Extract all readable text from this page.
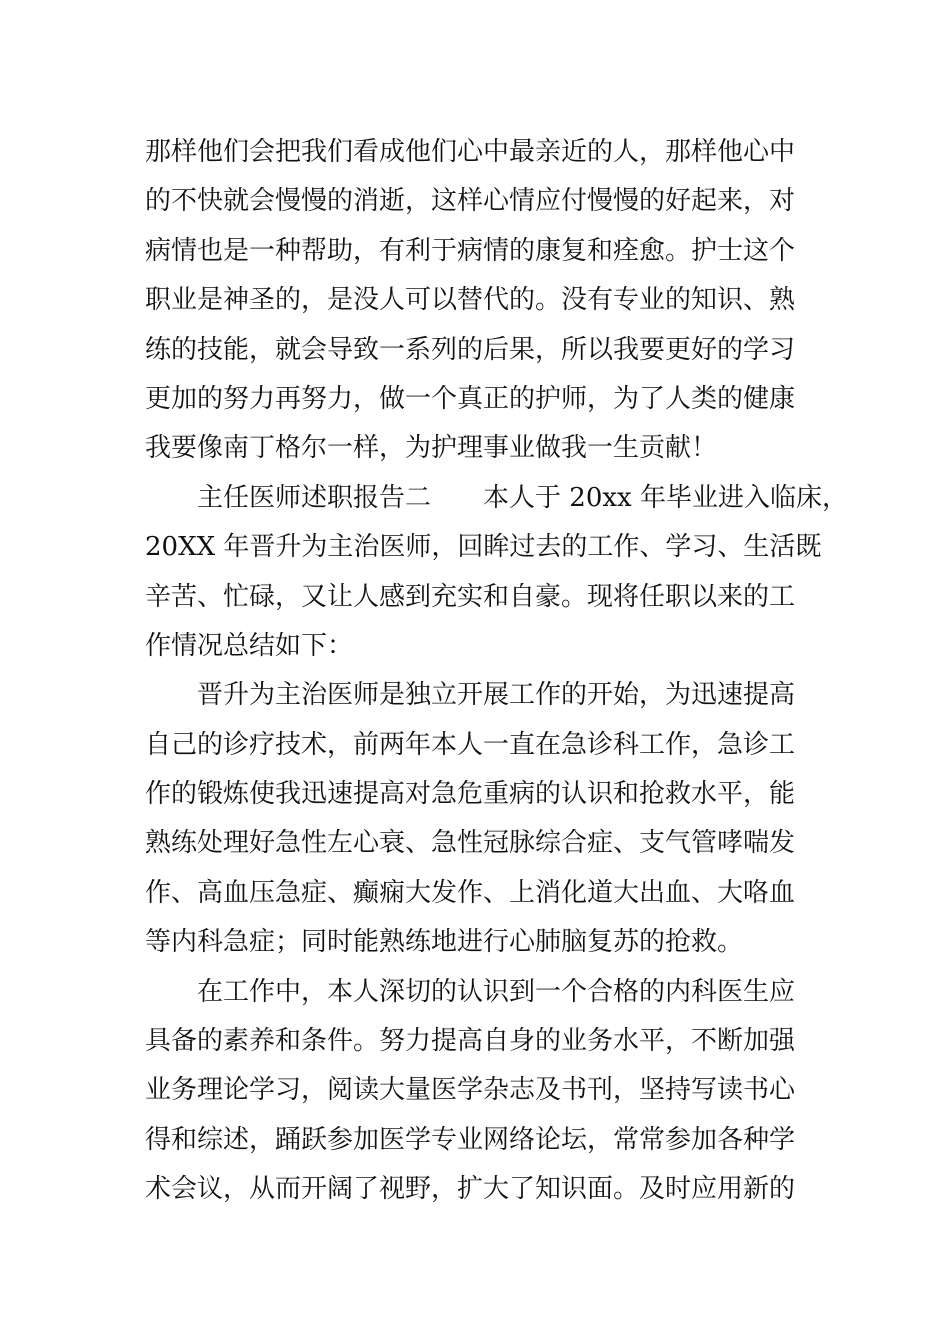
那样他们会把我们看成他们心中最亲近的人，那样他心中
的不快就会慢慢的消逝，这样心情应付慢慢的好起来，对
病情也是一种帮助，有利于病情的康复和痊愈。护士这个
职业是神圣的，是没人可以替代的。没有专业的知识、熟
练的技能，就会导致一系列的后果，所以我要更好的学习
更加的努力再努力，做一个真正的护师，为了人类的健康
我要像南丁格尔一样，为护理事业做我一生贡献！
主任医师述职报告二 本人于 20xx 年毕业进入临床，
20XX 年晋升为主治医师，回眸过去的工作、学习、生活既
辛苦、忙碌，又让人感到充实和自豪。现将任职以来的工
作情况总结如下：
晋升为主治医师是独立开展工作的开始，为迅速提高
自己的诊疗技术，前两年本人一直在急诊科工作，急诊工
作的锻炼使我迅速提高对急危重病的认识和抢救水平，能
熟练处理好急性左心衰、急性冠脉综合症、支气管哮喘发
作、高血压急症、癫痫大发作、上消化道大出血、大咯血
等内科急症；同时能熟练地进行心肺脑复苏的抢救。
在工作中，本人深切的认识到一个合格的内科医生应
具备的素养和条件。努力提高自身的业务水平，不断加强
业务理论学习，阅读大量医学杂志及书刊，坚持写读书心
得和综述，踊跃参加医学专业网络论坛，常常参加各种学
术会议，从而开阔了视野，扩大了知识面。及时应用新的
